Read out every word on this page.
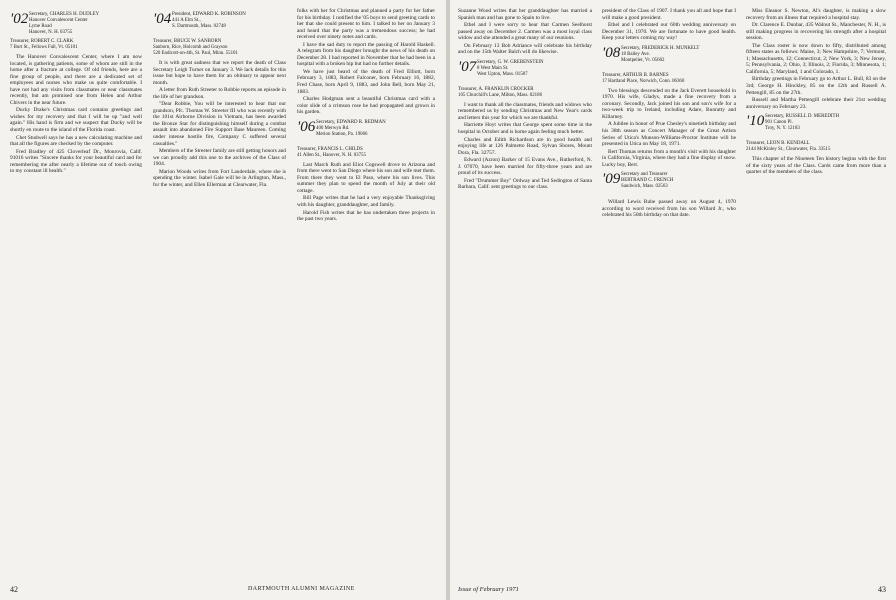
'02 Secretary, CHARLES H. DUDLEY
Hanover Convalescent Center
Lyme Road
Hanover, N. H. 03755
Treasurer, ROBERT C. CLARK
7 Burt St., Fellows Fall, Vt. 05101

The Hanover Convalescent Center, where I am now located, is gathering patients, some of whom are still in the home after a fracture at college. Of old friends, here are a fine group of people, and there are a dedicated set of employees and nurses who make us quite comfortable. I have not had any visits from classmates or near classmates recently, but am promised one from Helen and Arthur Chivers in the near future.

Ducky Drake's Christmas card contains greetings and wishes for my recovery and that I will be up "and well again." His hand is firm and we suspect that Ducky will be shortly en route to the island of the Florida coast.

Chet Studwell says he has a new calculating machine and that all the figures are checked by the computer.

Fred Bradley of 425 Cloverleaf Dr., Monrovia, Calif. 91016 writes "Sincere thanks for your beautiful card and for remembering me after nearly a lifetime out of touch owing to my constant ill health."

'04 President, EDWARD K. ROBINSON
441 A Elm St.,
S. Dartmouth, Mass. 02748
Treasurer, BRUCE W. SANBORN
Sanborn, Rice, Holcomb and Grayson
520 Endicott-on-4th, St. Paul, Minn. 55101

It is with great sadness that we report the death of Class Secretary Leigh Turner on January 3. We lack details for this issue but hope to have them for an obituary to appear next month.

A letter from Ruth Streeter to Robbie reports an episode in the life of her grandson.

"Dear Robbie, You will be interested to hear that our grandson, Pfc. Thomas W. Streeter III who was recently with the 101st Airborne Division in Vietnam, has been awarded the Bronze Star for distinguishing himself during a combat assault into abandoned Fire Support Base Maureen. Coming under intense hostile fire, Company C suffered several casualties."

Members of the Streeter family are still getting honors and we can proudly add this one to the archives of the Class of 1904.

Marion Woods writes from Fort Lauderdale, where she is spending the winter. Isabel Gale will be in Arlington, Mass., for the winter, and Ellen Ellerman at Clearwater, Fla.

folks with her for Christmas and planned a party for her father for his birthday. I notified the '05 boys to send greeting cards to her that she could present to him. I talked to her on January 3 and heard that the party was a tremendous success; he had received over ninety notes and cards.

I have the sad duty to report the passing of Harold Haskell. A telegram from his daughter brought the news of his death on December 28. I had reported in November that he had been in a hospital with a broken hip but had no further details.

We have just heard of the death of Fred Elliott, born February 3, 1883, Robert Falconer, born February 16, 1882, Fred Chase, born April 9, 1883, and John Bell, born May 21, 1883.

Charles Hodgman sent a beautiful Christmas card with a color slide of a crimson rose he had propagated and grown in his garden.

'06 Secretary, EDWARD R. REDMAN
400 Merwyn Rd.
Merion Station, Pa. 19066
Treasurer, FRANCIS L. CHILDS
41 Allen St., Hanover, N. H. 03755

Last March Ruth and Eliot Cogswell drove to Arizona and from there went to San Diego where his son and wife met them. From there they went to El Paso, where his son lives. This summer they plan to spend the month of July at their old cottage.

Bill Page writes that he had a very enjoyable Thanksgiving with his daughter, granddaughter, and family.

Harold Fish writes that he has undertaken three projects in the past two years.

42	DARTMOUTH ALUMNI MAGAZINE

Suzanne Wood writes that her granddaughter has married a Spanish man and has gone to Spain to live.

Ethel and I were sorry to hear that Carmen Seelhorst passed away on December 2. Carmen was a most loyal class widow and she attended a great many of our reunions.

On February 13 Bob Adriance will celebrate his birthday and on the 15th Walter Balch will do likewise.

'07 Secretary, G. W. GREBENSTEIN
8 West Main St.
West Upton, Mass. 01587
Treasurer, A. FRANKLIN CROCKER
105 Churchill's Lane, Milton, Mass. 02186

I want to thank all the classmates, friends and widows who remembered us by sending Christmas and New Year's cards and letters this year for which we are thankful.

Harriette Hoyt writes that George spent some time in the hospital in October and is home again feeling much better.

Charles and Edith Richardson are in good health and enjoying life at 126 Palmetto Road, Sylvan Shores, Mount Dora, Fla. 32757.

Edward (Azron) Barker of 15 Evans Ave., Rutherford, N. J. 07070, have been married for fifty-three years and are proud of its success.

Fred "Drummer Boy" Ordway and Ted Sedington of Santa Barbara, Calif. sent greetings to our class.

president of the Class of 1907. I thank you all and hope that I will make a good president.

Ethel and I celebrated our 60th wedding anniversary on December 31, 1970. We are fortunate to have good health. Keep your letters coming my way!

'08 Secretary, FREDERICK H. MUNKELT
18 Bailey Ave.
Montpelier, Vt. 05602
Treasurer, ARTHUR B. BARNES
17 Hartland Place, Norwich, Conn. 06360

Two blessings descended on the Jack Everett household in 1970. His wife, Gladys, made a fine recovery from a coronary. Secondly, Jack joined his son and son's wife for a two-week trip to Ireland, including Adare, Bunratty and Killarney.

A Jubilee in honor of Prue Chesley's ninetieth birthday and his 38th season as Concert Manager of the Great Artists Series of Utica's Munson-Williams-Proctor Institute will be presented in Utica on May 18, 1971.

Bert Thomas returns from a month's visit with his daughter in California, Virginia, where they had a fine display of snow. Lucky boy, Bert.

'09 Secretary and Treasurer
BERTRAND C. FRENCH
Sandwich, Mass. 02563

Willard Lewis Rube passed away on August 4, 1970 according to word received from his son Willard Jr., who celebrated his 50th birthday on that date.

Miss Eleanor S. Newton, Al's daughter, is making a slow recovery from an illness that required a hospital stay.

Dr. Clarence E. Dunbar, 435 Walnut St., Manchester, N. H., is still making progress in recovering his strength after a hospital session.

The Class roster is now down to fifty, distributed among fifteen states as follows: Maine, 3; New Hampshire, 7; Vermont, 1; Massachusetts, 12; Connecticut, 2; New York, 3; New Jersey, 5; Pennsylvania, 2; Ohio, 3; Illinois, 2; Florida, 3; Minnesota, 1; California, 5; Maryland, 1 and Colorado, 1.

Birthday greetings in February go to Arthur L. Bull, 83 on the 3rd; George H. Hinckley, 85 on the 12th and Russell A. Pettengill, 85 on the 27th.

Russell and Martha Pettengill celebrate their 21st wedding anniversary on February 23.

'10 Secretary, RUSSELL D. MEREDITH
901 Canon Pl.
Troy, N. Y. 12183
Treasurer, LEON B. KENDALL
2144 McKinley St., Clearwater, Fla. 33515

This chapter of the Nineteen Ten history begins with the first of the sixty years of the Class. Cards came from more than a quarter of the members of the class.

Issue of February 1971	43
